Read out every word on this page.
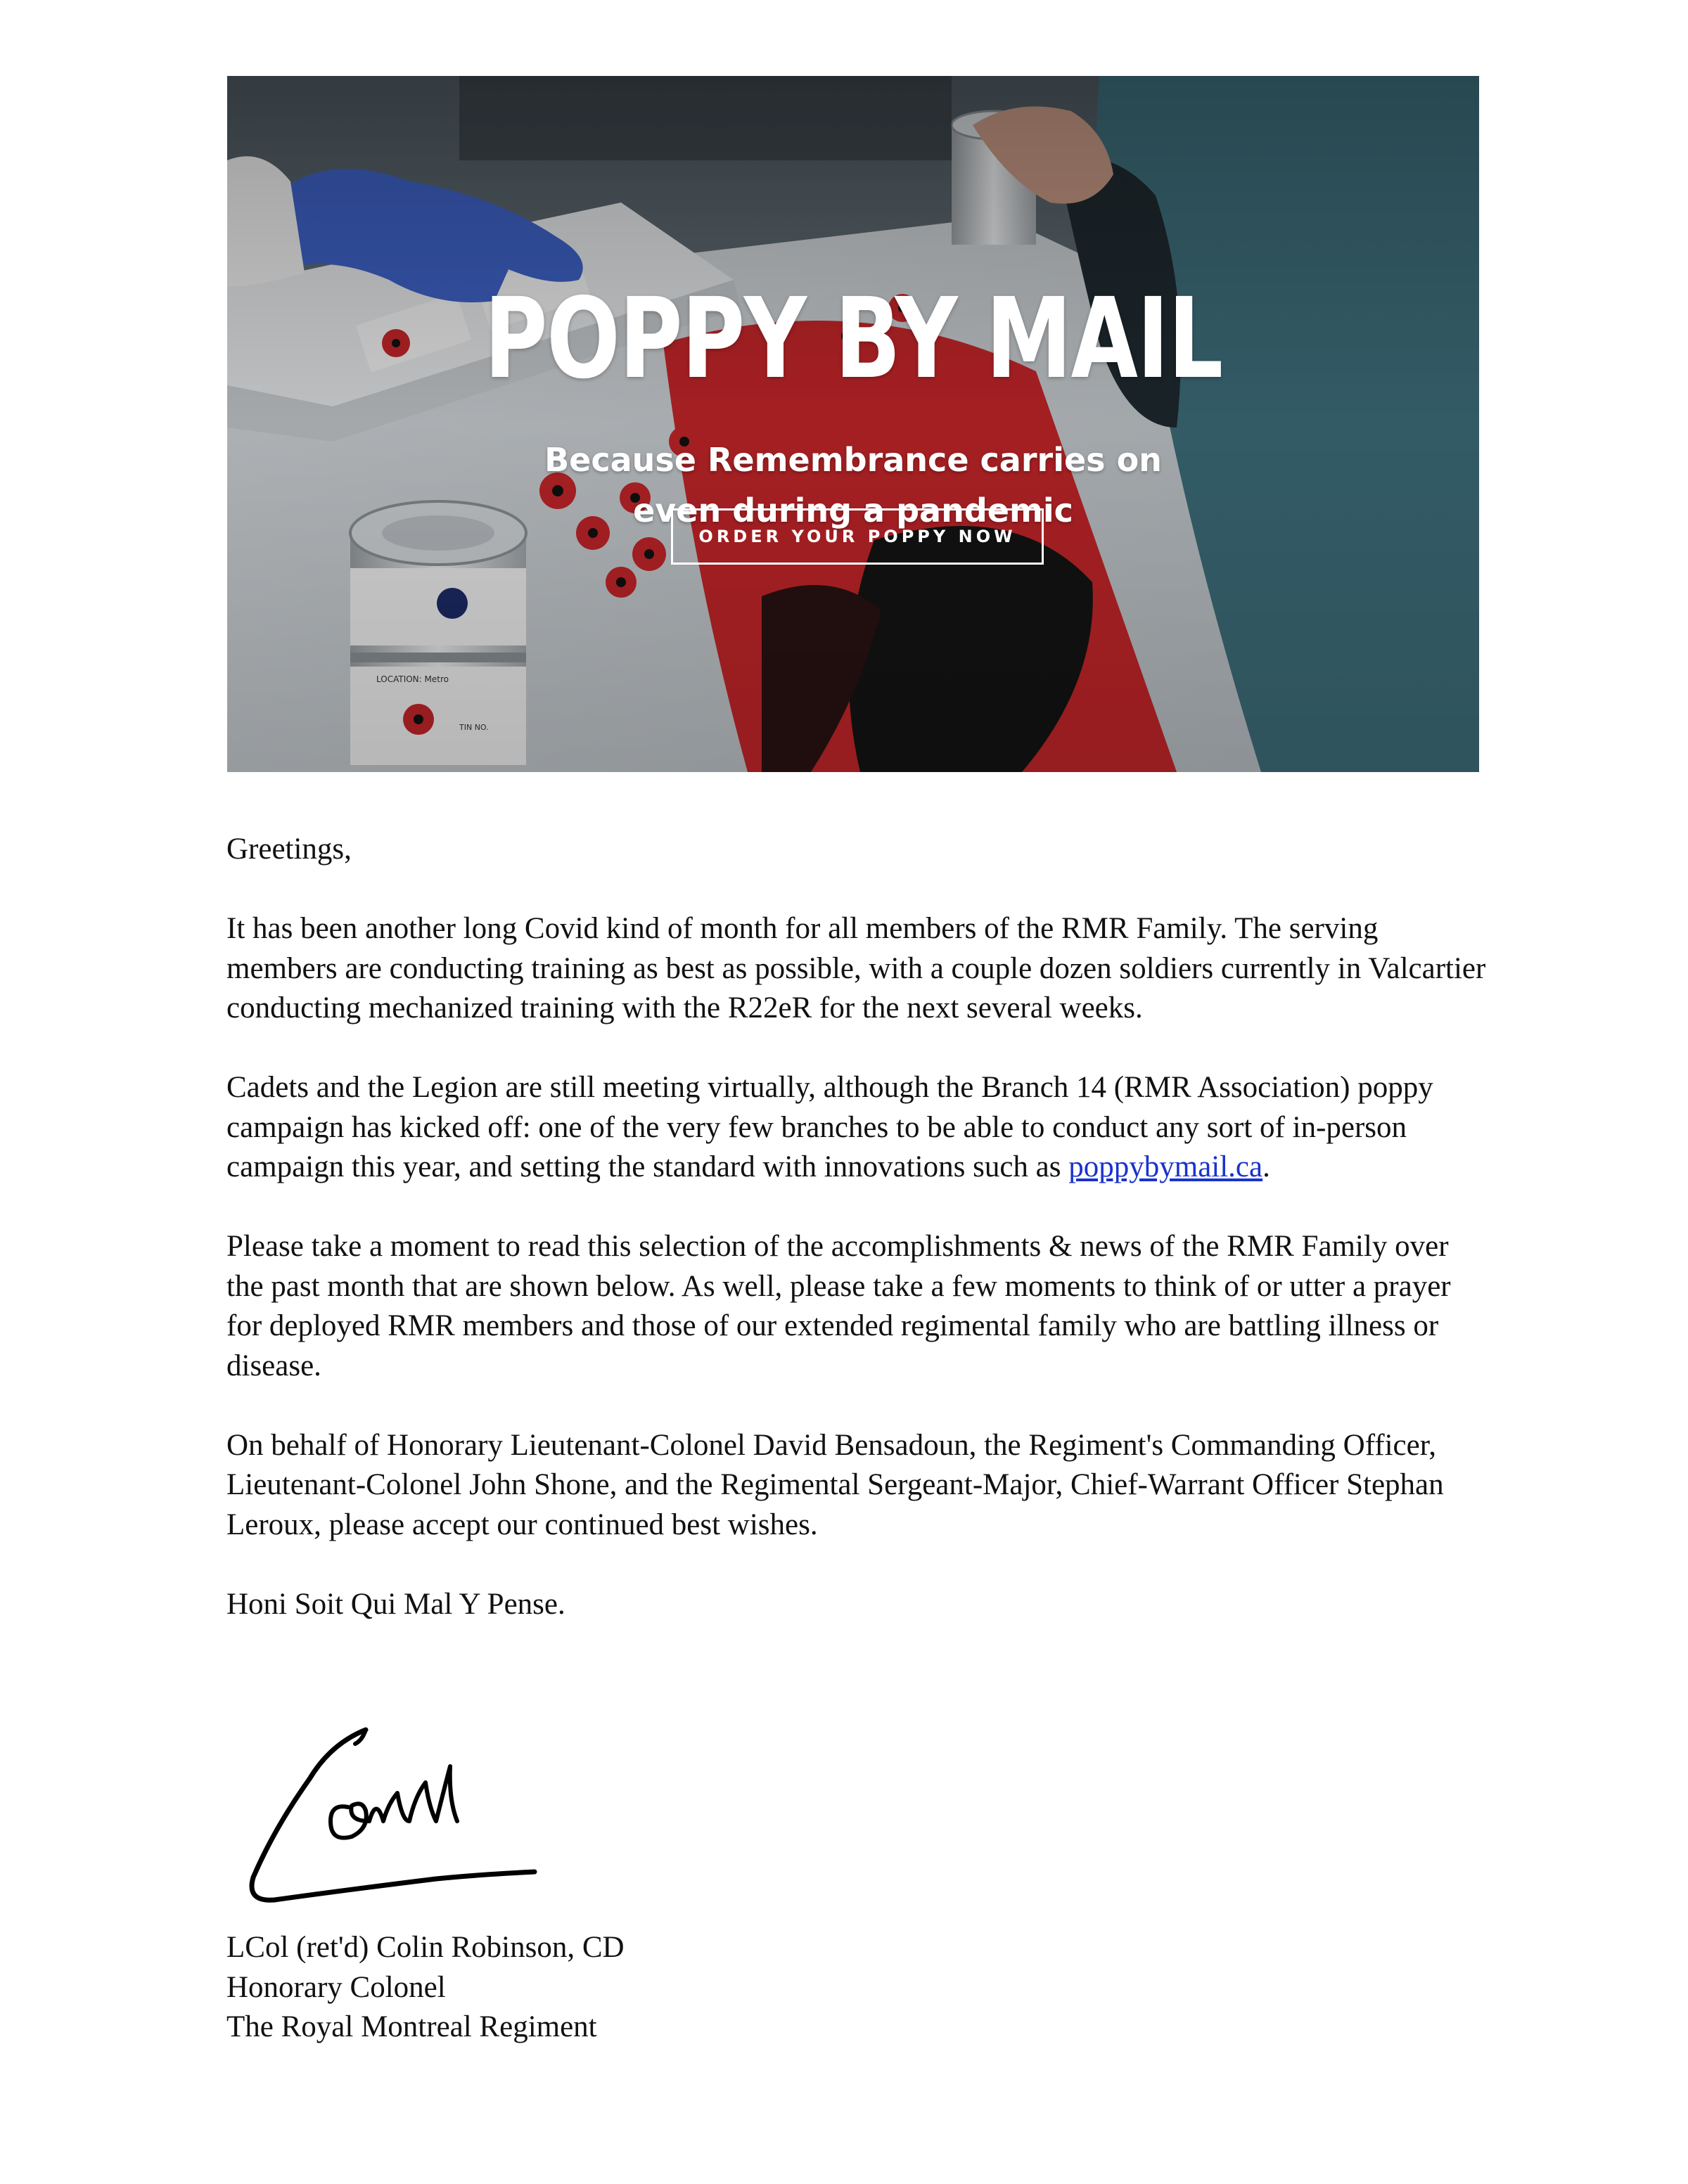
POPPY BY MAIL
Because Remembrance carries on
even during a pandemic
ORDER YOUR POPPY NOW

Greetings,

It has been another long Covid kind of month for all members of the RMR Family. The serving members are conducting training as best as possible, with a couple dozen soldiers currently in Valcartier conducting mechanized training with the R22eR for the next several weeks.

Cadets and the Legion are still meeting virtually, although the Branch 14 (RMR Association) poppy campaign has kicked off: one of the very few branches to be able to conduct any sort of in-person campaign this year, and setting the standard with innovations such as poppybymail.ca.

Please take a moment to read this selection of the accomplishments & news of the RMR Family over the past month that are shown below. As well, please take a few moments to think of or utter a prayer for deployed RMR members and those of our extended regimental family who are battling illness or disease.

On behalf of Honorary Lieutenant-Colonel David Bensadoun, the Regiment's Commanding Officer, Lieutenant-Colonel John Shone, and the Regimental Sergeant-Major, Chief-Warrant Officer Stephan Leroux, please accept our continued best wishes.

Honi Soit Qui Mal Y Pense.

LCol (ret'd) Colin Robinson, CD
Honorary Colonel
The Royal Montreal Regiment
